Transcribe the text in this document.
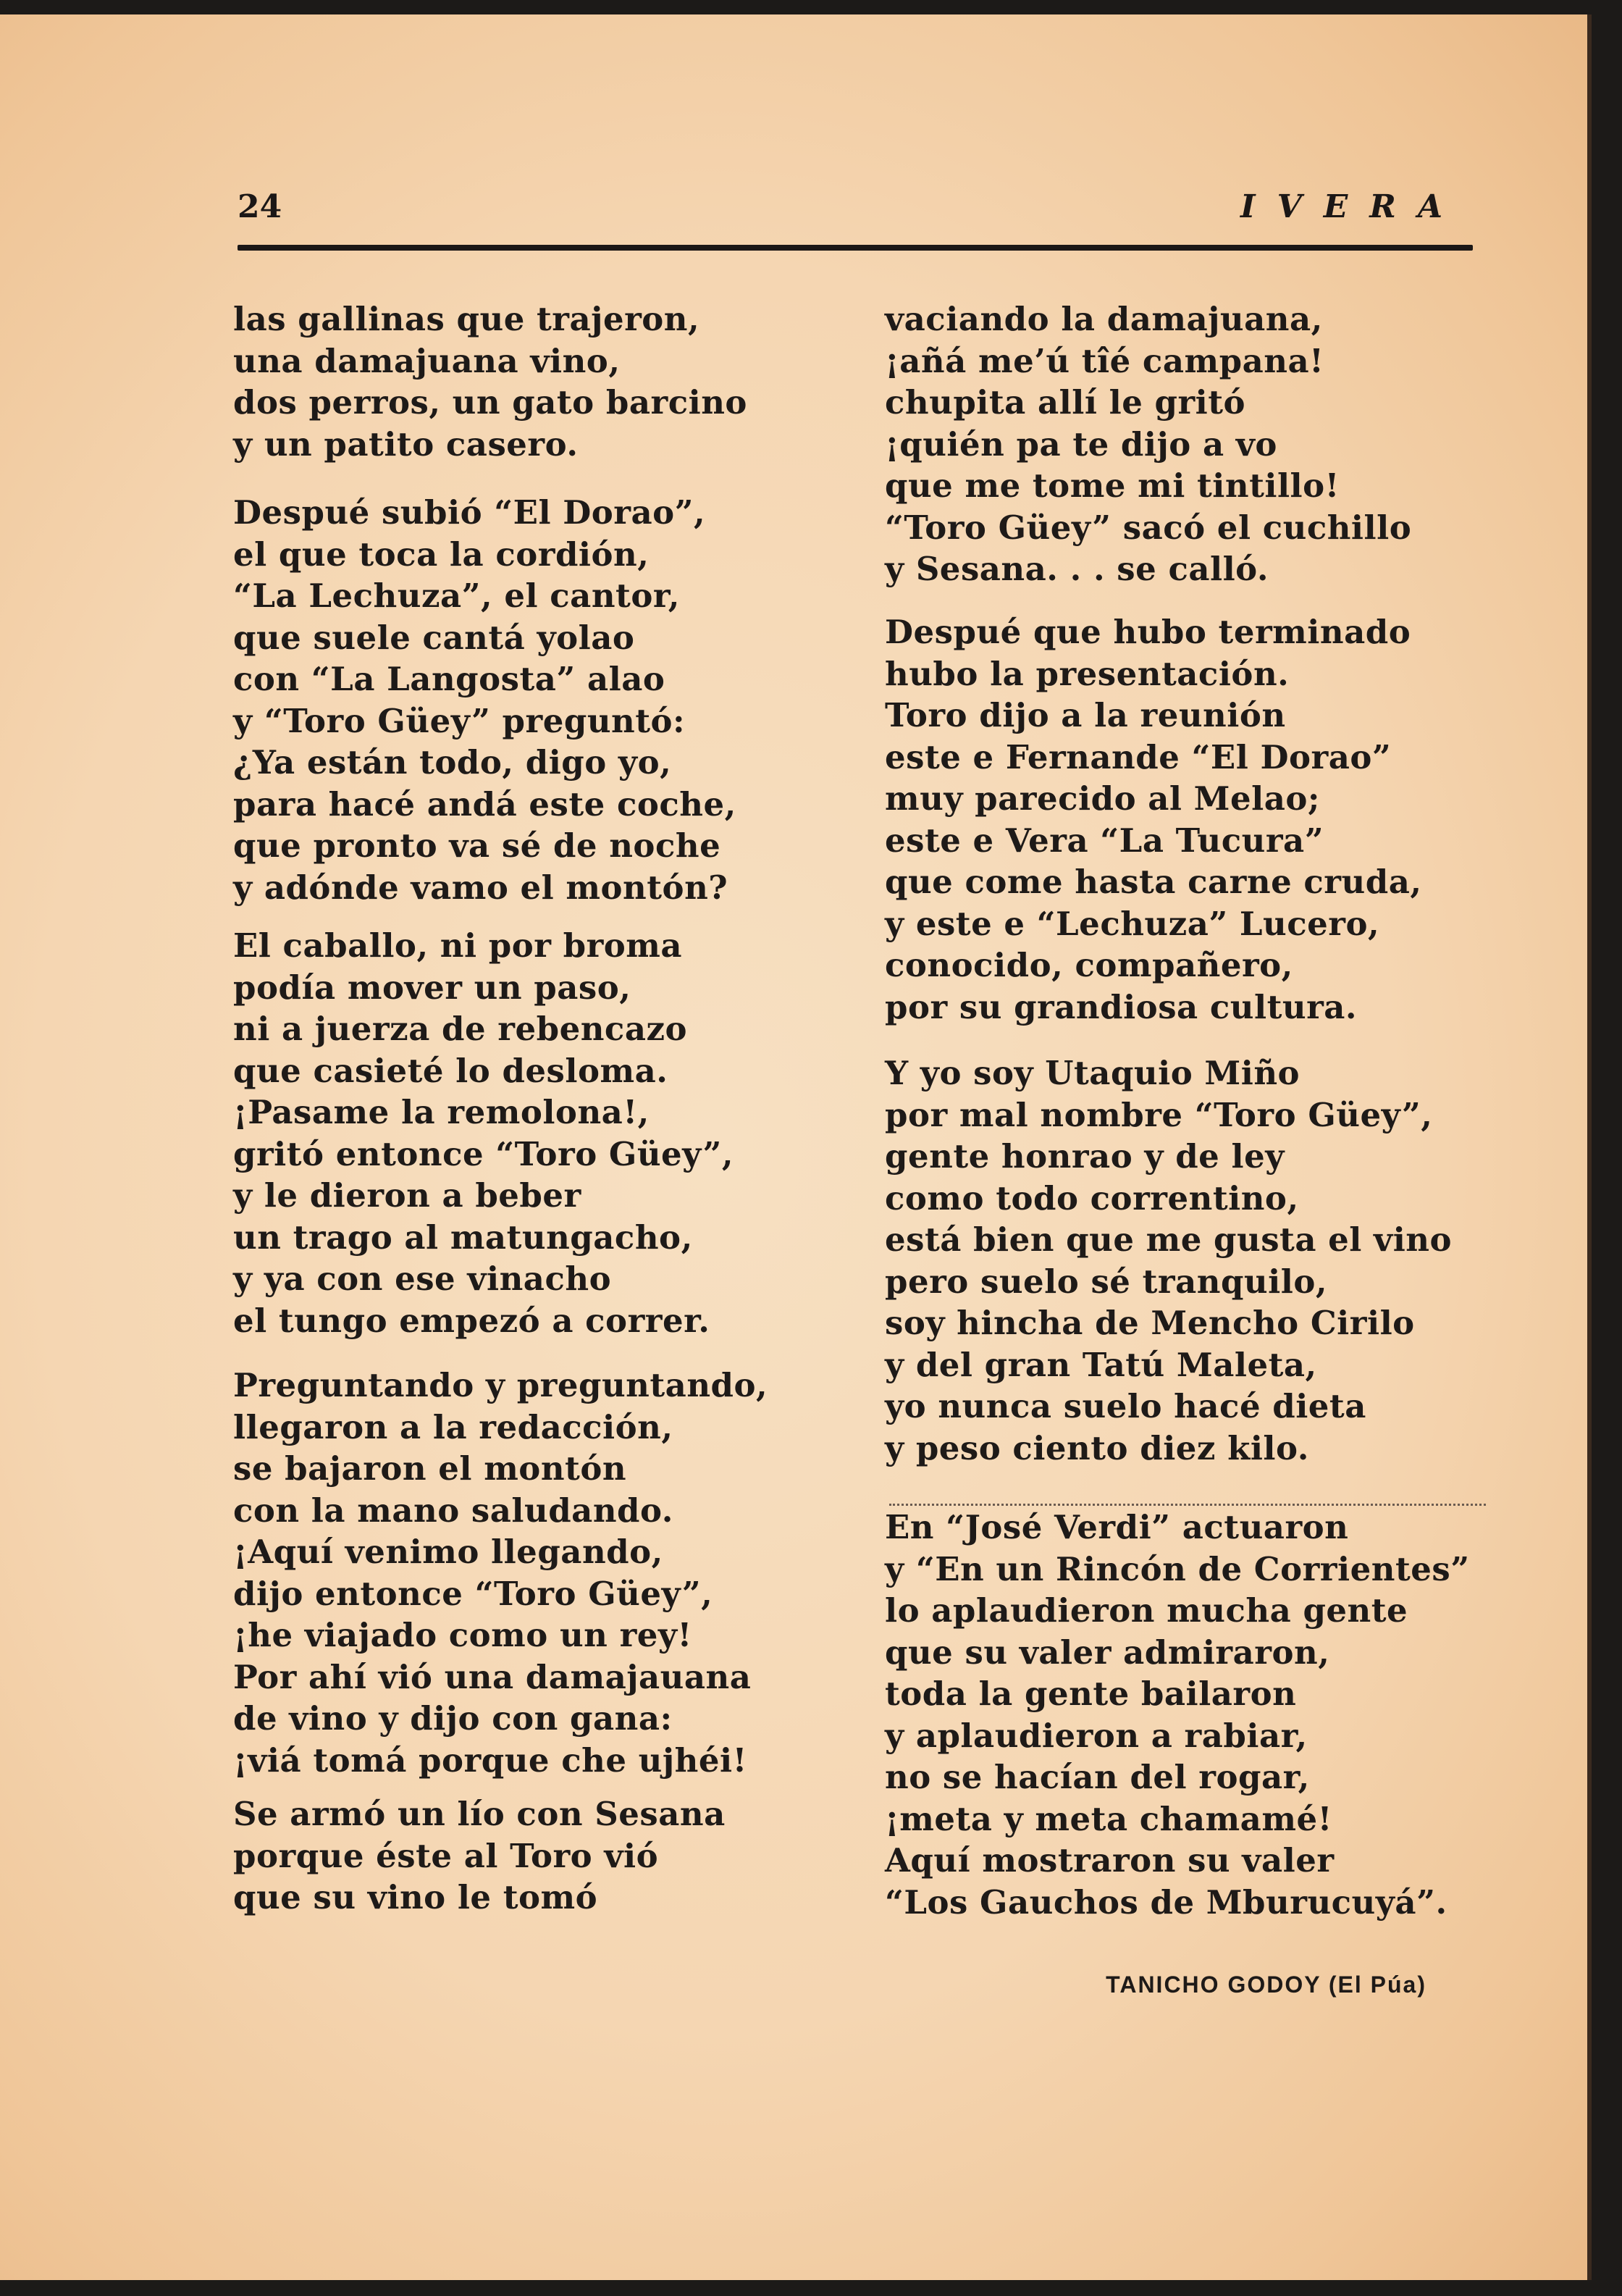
24	IVERA
las gallinas que trajeron,
una damajuana vino,
dos perros, un gato barcino
y un patito casero.
Despué subió “El Dorao”,
el que toca la cordión,
“La Lechuza”, el cantor,
que suele cantá yolao
con “La Langosta” alao
y “Toro Güey” preguntó:
¿Ya están todo, digo yo,
para hacé andá este coche,
que pronto va sé de noche
y adónde vamo el montón?
El caballo, ni por broma
podía mover un paso,
ni a juerza de rebencazo
que casieté lo desloma.
¡Pasame la remolona!,
gritó entonce “Toro Güey”,
y le dieron a beber
un trago al matungacho,
y ya con ese vinacho
el tungo empezó a correr.
Preguntando y preguntando,
llegaron a la redacción,
se bajaron el montón
con la mano saludando.
¡Aquí venimo llegando,
dijo entonce “Toro Güey”,
¡he viajado como un rey!
Por ahí vió una damajauana
de vino y dijo con gana:
¡viá tomá porque che ujhéi!
Se armó un lío con Sesana
porque éste al Toro vió
que su vino le tomó
vaciando la damajuana,
¡añá me’ú tîé campana!
chupita allí le gritó
¡quién pa te dijo a vo
que me tome mi tintillo!
“Toro Güey” sacó el cuchillo
y Sesana. . . se calló.
Despué que hubo terminado
hubo la presentación.
Toro dijo a la reunión
este e Fernande “El Dorao”
muy parecido al Melao;
este e Vera “La Tucura”
que come hasta carne cruda,
y este e “Lechuza” Lucero,
conocido, compañero,
por su grandiosa cultura.
Y yo soy Utaquio Miño
por mal nombre “Toro Güey”,
gente honrao y de ley
como todo correntino,
está bien que me gusta el vino
pero suelo sé tranquilo,
soy hincha de Mencho Cirilo
y del gran Tatú Maleta,
yo nunca suelo hacé dieta
y peso ciento diez kilo.
En “José Verdi” actuaron
y “En un Rincón de Corrientes”
lo aplaudieron mucha gente
que su valer admiraron,
toda la gente bailaron
y aplaudieron a rabiar,
no se hacían del rogar,
¡meta y meta chamamé!
Aquí mostraron su valer
“Los Gauchos de Mburucuyá”.
TANICHO GODOY (El Púa)
